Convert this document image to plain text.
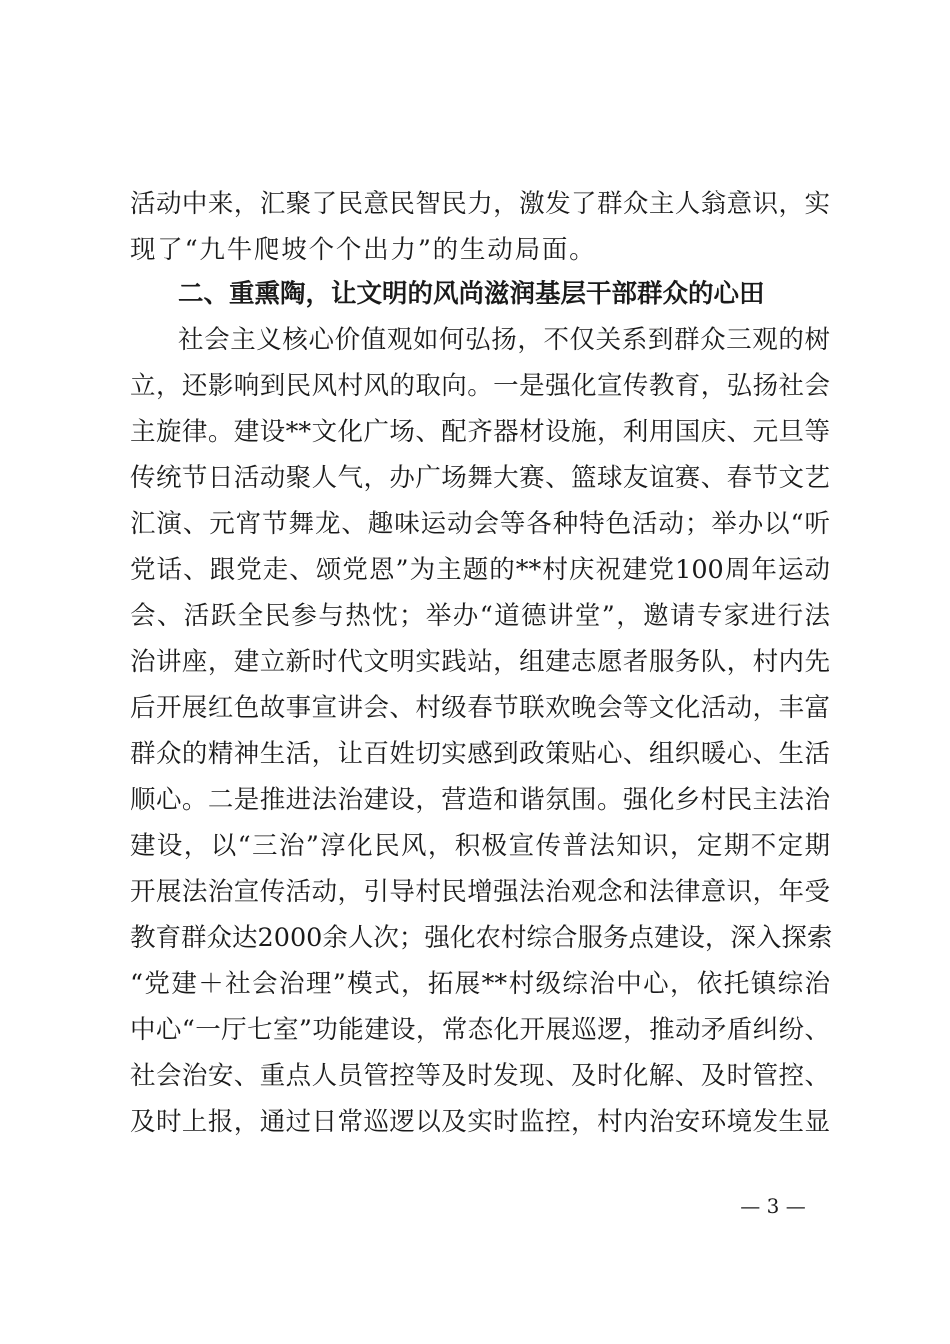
活动中来，汇聚了民意民智民力，激发了群众主人翁意识，实
现了“九牛爬坡个个出力”的生动局面。
二、重熏陶，让文明的风尚滋润基层干部群众的心田
社会主义核心价值观如何弘扬，不仅关系到群众三观的树
立，还影响到民风村风的取向。一是强化宣传教育，弘扬社会
主旋律。建设**文化广场、配齐器材设施，利用国庆、元旦等
传统节日活动聚人气，办广场舞大赛、篮球友谊赛、春节文艺
汇演、元宵节舞龙、趣味运动会等各种特色活动；举办以“听
党话、跟党走、颂党恩”为主题的**村庆祝建党100周年运动
会、活跃全民参与热忱；举办“道德讲堂”，邀请专家进行法
治讲座，建立新时代文明实践站，组建志愿者服务队，村内先
后开展红色故事宣讲会、村级春节联欢晚会等文化活动，丰富
群众的精神生活，让百姓切实感到政策贴心、组织暖心、生活
顺心。二是推进法治建设，营造和谐氛围。强化乡村民主法治
建设，以“三治”淳化民风，积极宣传普法知识，定期不定期
开展法治宣传活动，引导村民增强法治观念和法律意识，年受
教育群众达2000余人次；强化农村综合服务点建设，深入探索
“党建＋社会治理”模式，拓展**村级综治中心，依托镇综治
中心“一厅七室”功能建设，常态化开展巡逻，推动矛盾纠纷、
社会治安、重点人员管控等及时发现、及时化解、及时管控、
及时上报，通过日常巡逻以及实时监控，村内治安环境发生显
— 3 —
